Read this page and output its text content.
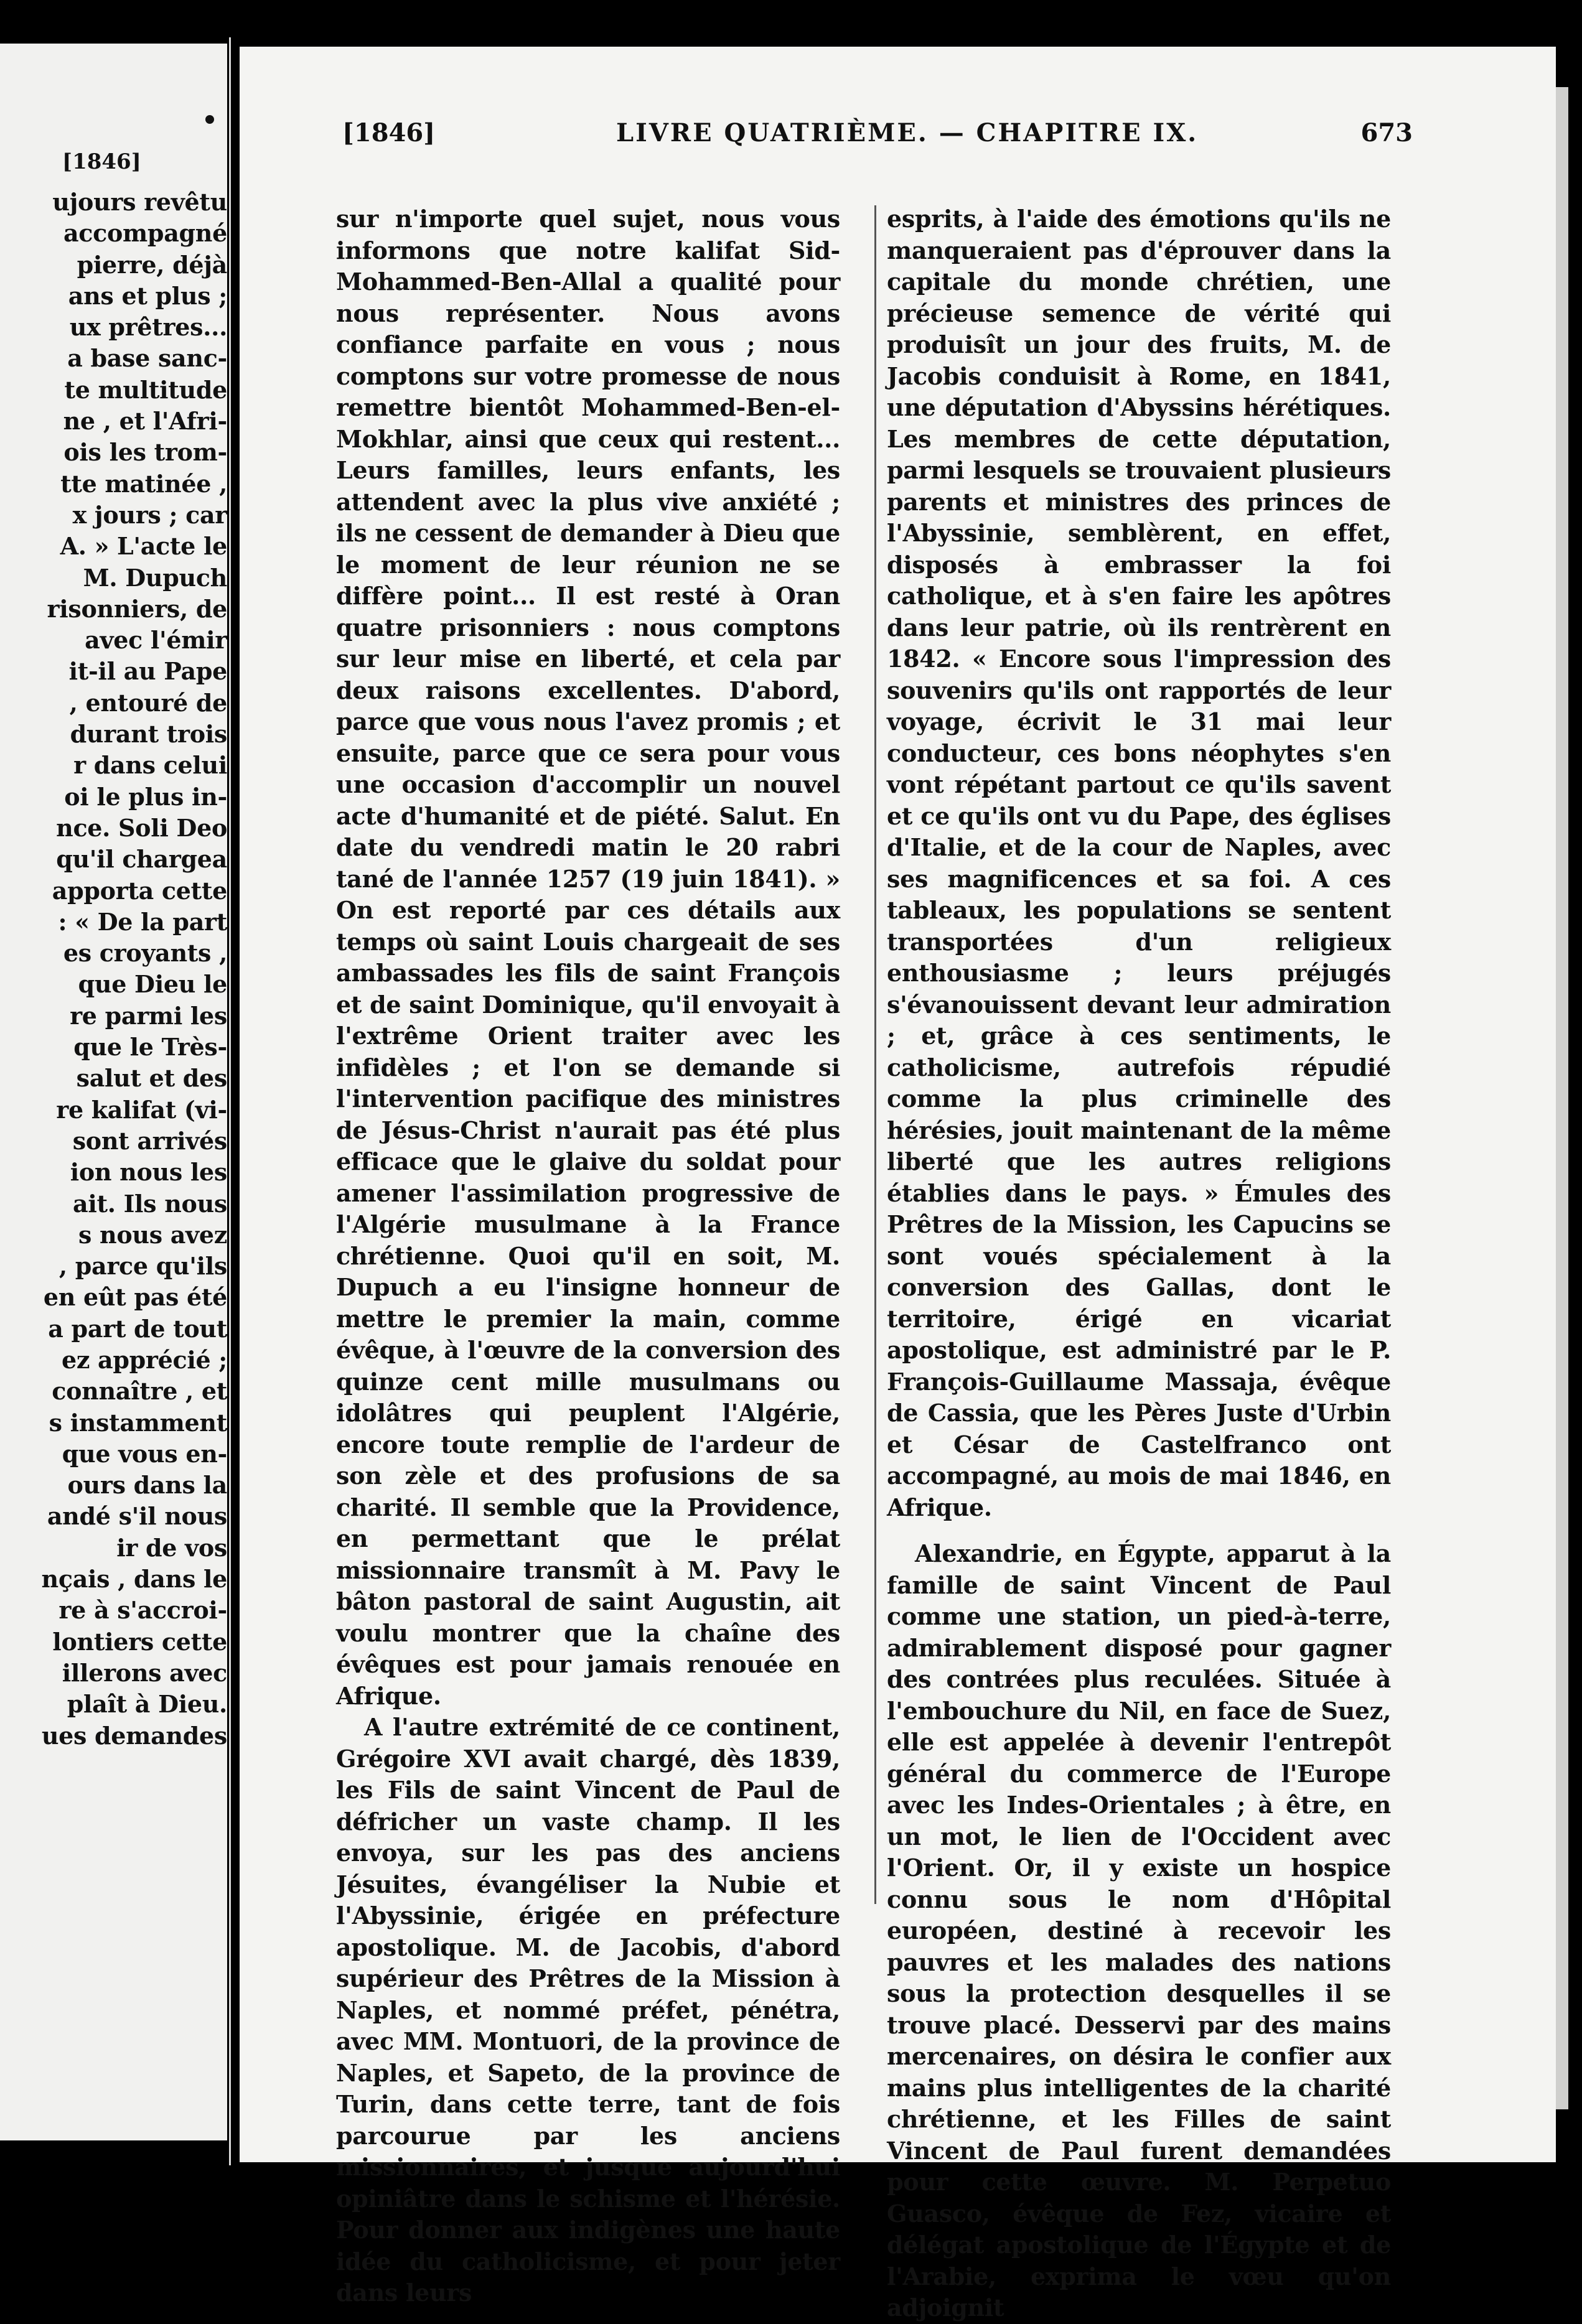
[1846]
ujours revêtu
accompagné
pierre, déjà
ans et plus ;
ux prêtres...
a base sanc-
te multitude
ne , et l'Afri-
ois les trom-
tte matinée ,
x jours ; car
A. » L'acte le
M. Dupuch
risonniers, de
avec l'émir
it-il au Pape
, entouré de
durant trois
r dans celui
oi le plus in-
nce. Soli Deo
qu'il chargea
apporta cette
: « De la part
es croyants ,
que Dieu le
re parmi les
que le Très-
salut et des
re kalifat (vi-
sont arrivés
ion nous les
ait. Ils nous
s nous avez
, parce qu'ils
en eût pas été
a part de tout
ez apprécié ;
connaître , et
s instamment
que vous en-
ours dans la
andé s'il nous
ir de vos
nçais , dans le
re à s'accroi-
lontiers cette
illerons avec
plaît à Dieu.
ues demandes
[1846]	LIVRE QUATRIÈME. — CHAPITRE IX.	673

sur n'importe quel sujet, nous vous informons que notre kalifat Sid-Mohammed-Ben-Allal a qualité pour nous représenter. Nous avons confiance parfaite en vous ; nous comptons sur votre promesse de nous remettre bientôt Mohammed-Ben-el-Mokhlar, ainsi que ceux qui restent... Leurs familles, leurs enfants, les attendent avec la plus vive anxiété ; ils ne cessent de demander à Dieu que le moment de leur réunion ne se diffère point... Il est resté à Oran quatre prisonniers : nous comptons sur leur mise en liberté, et cela par deux raisons excellentes. D'abord, parce que vous nous l'avez promis ; et ensuite, parce que ce sera pour vous une occasion d'accomplir un nouvel acte d'humanité et de piété. Salut. En date du vendredi matin le 20 rabri tané de l'année 1257 (19 juin 1841). » On est reporté par ces détails aux temps où saint Louis chargeait de ses ambassades les fils de saint François et de saint Dominique, qu'il envoyait à l'extrême Orient traiter avec les infidèles ; et l'on se demande si l'intervention pacifique des ministres de Jésus-Christ n'aurait pas été plus efficace que le glaive du soldat pour amener l'assimilation progressive de l'Algérie musulmane à la France chrétienne. Quoi qu'il en soit, M. Dupuch a eu l'insigne honneur de mettre le premier la main, comme évêque, à l'œuvre de la conversion des quinze cent mille musulmans ou idolâtres qui peuplent l'Algérie, encore toute remplie de l'ardeur de son zèle et des profusions de sa charité. Il semble que la Providence, en permettant que le prélat missionnaire transmît à M. Pavy le bâton pastoral de saint Augustin, ait voulu montrer que la chaîne des évêques est pour jamais renouée en Afrique.

A l'autre extrémité de ce continent, Grégoire XVI avait chargé, dès 1839, les Fils de saint Vincent de Paul de défricher un vaste champ. Il les envoya, sur les pas des anciens Jésuites, évangéliser la Nubie et l'Abyssinie, érigée en préfecture apostolique. M. de Jacobis, d'abord supérieur des Prêtres de la Mission à Naples, et nommé préfet, pénétra, avec MM. Montuori, de la province de Naples, et Sapeto, de la province de Turin, dans cette terre, tant de fois parcourue par les anciens missionnaires, et jusque aujourd'hui opiniâtre dans le schisme et l'hérésie. Pour donner aux indigènes une haute idée du catholicisme, et pour jeter dans leurs

esprits, à l'aide des émotions qu'ils ne manqueraient pas d'éprouver dans la capitale du monde chrétien, une précieuse semence de vérité qui produisît un jour des fruits, M. de Jacobis conduisit à Rome, en 1841, une députation d'Abyssins hérétiques. Les membres de cette députation, parmi lesquels se trouvaient plusieurs parents et ministres des princes de l'Abyssinie, semblèrent, en effet, disposés à embrasser la foi catholique, et à s'en faire les apôtres dans leur patrie, où ils rentrèrent en 1842. « Encore sous l'impression des souvenirs qu'ils ont rapportés de leur voyage, écrivit le 31 mai leur conducteur, ces bons néophytes s'en vont répétant partout ce qu'ils savent et ce qu'ils ont vu du Pape, des églises d'Italie, et de la cour de Naples, avec ses magnificences et sa foi. A ces tableaux, les populations se sentent transportées d'un religieux enthousiasme ; leurs préjugés s'évanouissent devant leur admiration ; et, grâce à ces sentiments, le catholicisme, autrefois répudié comme la plus criminelle des hérésies, jouit maintenant de la même liberté que les autres religions établies dans le pays. » Émules des Prêtres de la Mission, les Capucins se sont voués spécialement à la conversion des Gallas, dont le territoire, érigé en vicariat apostolique, est administré par le P. François-Guillaume Massaja, évêque de Cassia, que les Pères Juste d'Urbin et César de Castelfranco ont accompagné, au mois de mai 1846, en Afrique.

Alexandrie, en Égypte, apparut à la famille de saint Vincent de Paul comme une station, un pied-à-terre, admirablement disposé pour gagner des contrées plus reculées. Située à l'embouchure du Nil, en face de Suez, elle est appelée à devenir l'entrepôt général du commerce de l'Europe avec les Indes-Orientales ; à être, en un mot, le lien de l'Occident avec l'Orient. Or, il y existe un hospice connu sous le nom d'Hôpital européen, destiné à recevoir les pauvres et les malades des nations sous la protection desquelles il se trouve placé. Desservi par des mains mercenaires, on désira le confier aux mains plus intelligentes de la charité chrétienne, et les Filles de saint Vincent de Paul furent demandées pour cette œuvre. M. Perpetuo Guasco, évêque de Fez, vicaire et délégat apostolique de l'Égypte et de l'Arabie, exprima le vœu qu'on adjoignit
